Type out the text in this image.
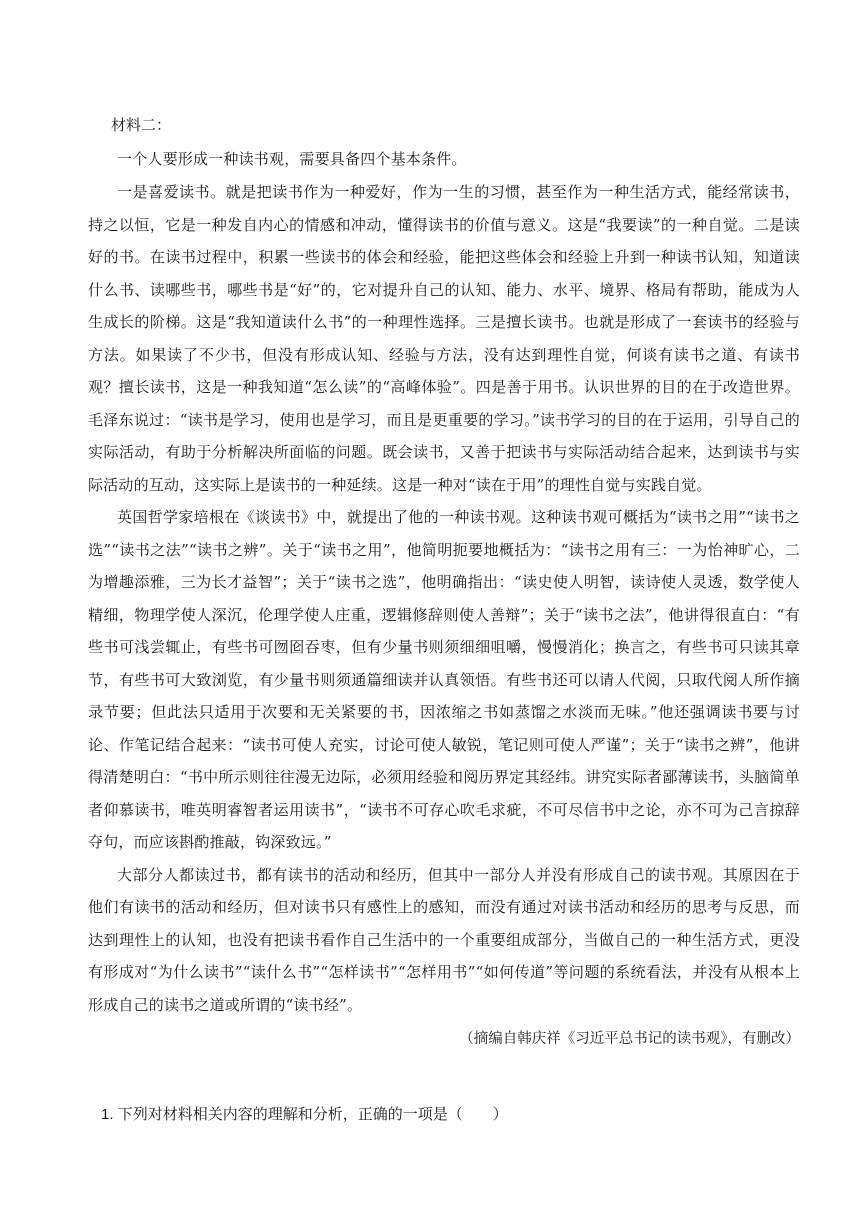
材料二：

一个人要形成一种读书观，需要具备四个基本条件。

一是喜爱读书。就是把读书作为一种爱好，作为一生的习惯，甚至作为一种生活方式，能经常读书，持之以恒，它是一种发自内心的情感和冲动，懂得读书的价值与意义。这是“我要读”的一种自觉。二是读好的书。在读书过程中，积累一些读书的体会和经验，能把这些体会和经验上升到一种读书认知，知道读什么书、读哪些书，哪些书是“好”的，它对提升自己的认知、能力、水平、境界、格局有帮助，能成为人生成长的阶梯。这是“我知道读什么书”的一种理性选择。三是擅长读书。也就是形成了一套读书的经验与方法。如果读了不少书，但没有形成认知、经验与方法，没有达到理性自觉，何谈有读书之道、有读书观？擅长读书，这是一种我知道“怎么读”的“高峰体验”。四是善于用书。认识世界的目的在于改造世界。毛泽东说过：“读书是学习，使用也是学习，而且是更重要的学习。”读书学习的目的在于运用，引导自己的实际活动，有助于分析解决所面临的问题。既会读书，又善于把读书与实际活动结合起来，达到读书与实际活动的互动，这实际上是读书的一种延续。这是一种对“读在于用”的理性自觉与实践自觉。

英国哲学家培根在《谈读书》中，就提出了他的一种读书观。这种读书观可概括为“读书之用”“读书之选”“读书之法”“读书之辨”。关于“读书之用”，他简明扼要地概括为：“读书之用有三：一为怡神旷心，二为增趣添雅，三为长才益智”；关于“读书之选”，他明确指出：“读史使人明智，读诗使人灵透，数学使人精细，物理学使人深沉，伦理学使人庄重，逻辑修辞则使人善辩”；关于“读书之法”，他讲得很直白：“有些书可浅尝辄止，有些书可囫囵吞枣，但有少量书则须细细咀嚼，慢慢消化；换言之，有些书可只读其章节，有些书可大致浏览，有少量书则须通篇细读并认真领悟。有些书还可以请人代阅，只取代阅人所作摘录节要；但此法只适用于次要和无关紧要的书，因浓缩之书如蒸馏之水淡而无味。”他还强调读书要与讨论、作笔记结合起来：“读书可使人充实，讨论可使人敏锐，笔记则可使人严谨”；关于“读书之辨”，他讲得清楚明白：“书中所示则往往漫无边际，必须用经验和阅历界定其经纬。讲究实际者鄙薄读书，头脑简单者仰慕读书，唯英明睿智者运用读书”，“读书不可存心吹毛求疵，不可尽信书中之论，亦不可为己言掠辞夺句，而应该斟酌推敲，钩深致远。”

大部分人都读过书，都有读书的活动和经历，但其中一部分人并没有形成自己的读书观。其原因在于他们有读书的活动和经历，但对读书只有感性上的感知，而没有通过对读书活动和经历的思考与反思，而达到理性上的认知，也没有把读书看作自己生活中的一个重要组成部分，当做自己的一种生活方式，更没有形成对“为什么读书”“读什么书”“怎样读书”“怎样用书”“如何传道”等问题的系统看法，并没有从根本上形成自己的读书之道或所谓的“读书经”。

（摘编自韩庆祥《习近平总书记的读书观》，有删改）
1. 下列对材料相关内容的理解和分析，正确的一项是（　　）
